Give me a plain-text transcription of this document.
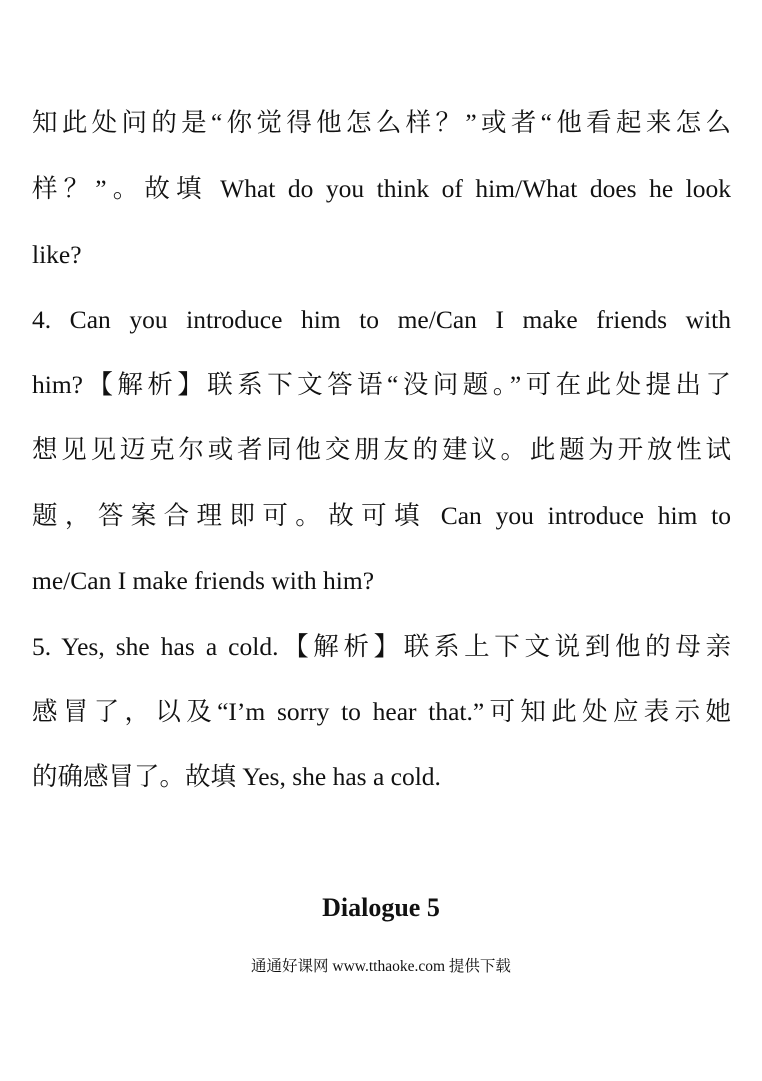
知此处问的是“你觉得他怎么样？”或者“他看起来怎么
样？”。故填 What do you think of him/What does he look
like?
4. Can you introduce him to me/Can I make friends with
him?【解析】联系下文答语“没问题。”可在此处提出了
想见见迈克尔或者同他交朋友的建议。此题为开放性试
题，答案合理即可。故可填 Can you introduce him to
me/Can I make friends with him?
5. Yes, she has a cold.【解析】联系上下文说到他的母亲
感冒了，以及“I’m sorry to hear that.”可知此处应表示她
的确感冒了。故填 Yes, she has a cold.
Dialogue 5
通通好课网 www.tthaoke.com 提供下载
